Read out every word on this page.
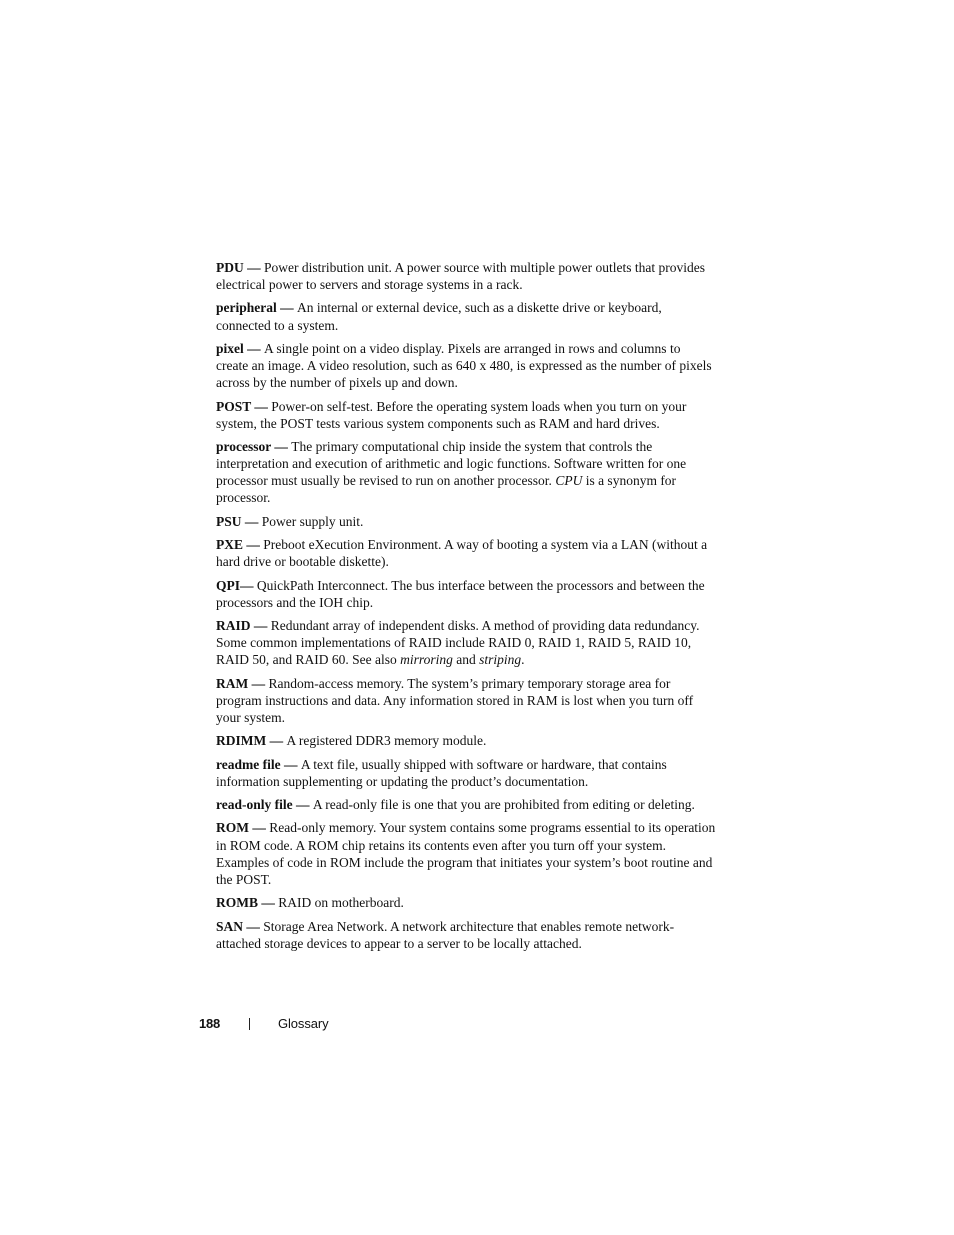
PDU — Power distribution unit. A power source with multiple power outlets that provides electrical power to servers and storage systems in a rack.

peripheral — An internal or external device, such as a diskette drive or keyboard, connected to a system.

pixel — A single point on a video display. Pixels are arranged in rows and columns to create an image. A video resolution, such as 640 x 480, is expressed as the number of pixels across by the number of pixels up and down.

POST — Power-on self-test. Before the operating system loads when you turn on your system, the POST tests various system components such as RAM and hard drives.

processor — The primary computational chip inside the system that controls the interpretation and execution of arithmetic and logic functions. Software written for one processor must usually be revised to run on another processor. CPU is a synonym for processor.

PSU — Power supply unit.

PXE — Preboot eXecution Environment. A way of booting a system via a LAN (without a hard drive or bootable diskette).

QPI— QuickPath Interconnect. The bus interface between the processors and between the processors and the IOH chip.

RAID — Redundant array of independent disks. A method of providing data redundancy. Some common implementations of RAID include RAID 0, RAID 1, RAID 5, RAID 10, RAID 50, and RAID 60. See also mirroring and striping.

RAM — Random-access memory. The system’s primary temporary storage area for program instructions and data. Any information stored in RAM is lost when you turn off your system.

RDIMM — A registered DDR3 memory module.

readme file — A text file, usually shipped with software or hardware, that contains information supplementing or updating the product’s documentation.

read-only file — A read-only file is one that you are prohibited from editing or deleting.

ROM — Read-only memory. Your system contains some programs essential to its operation in ROM code. A ROM chip retains its contents even after you turn off your system. Examples of code in ROM include the program that initiates your system’s boot routine and the POST.

ROMB — RAID on motherboard.

SAN — Storage Area Network. A network architecture that enables remote network-attached storage devices to appear to a server to be locally attached.

188	Glossary
